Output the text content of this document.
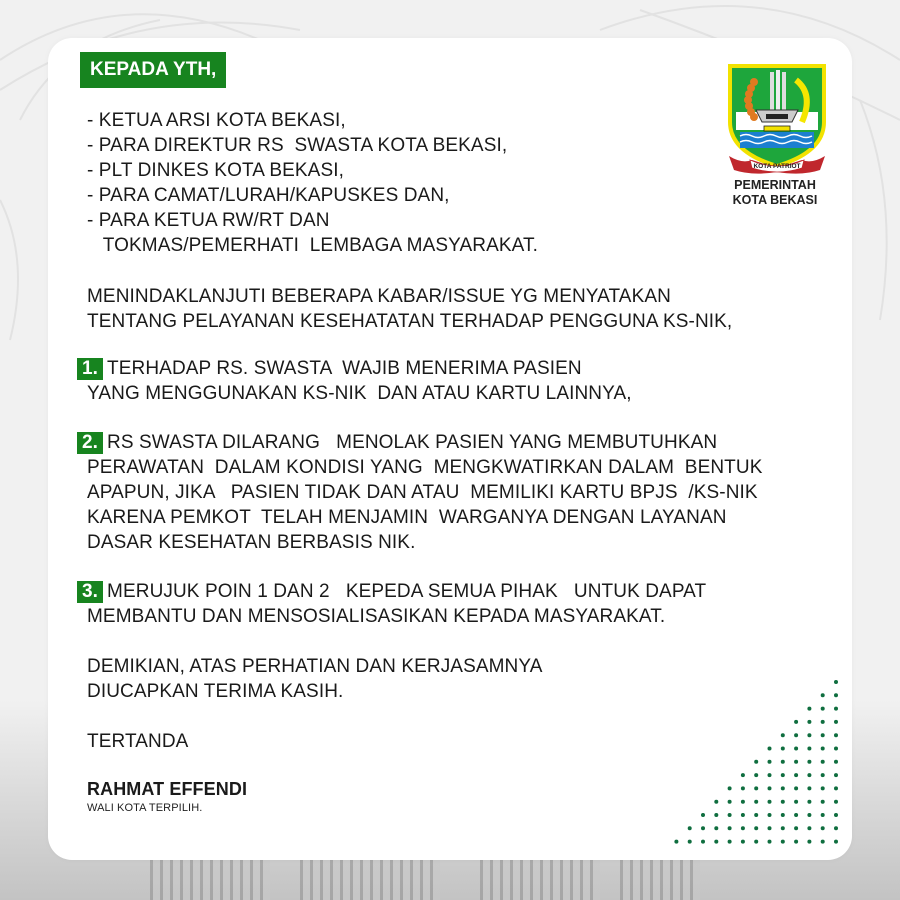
KEPADA YTH,
- KETUA ARSI KOTA BEKASI,
- PARA DIREKTUR RS  SWASTA KOTA BEKASI,
- PLT DINKES KOTA BEKASI,
- PARA CAMAT/LURAH/KAPUSKES DAN,
- PARA KETUA RW/RT DAN
TOKMAS/PEMERHATI  LEMBAGA MASYARAKAT.
MENINDAKLANJUTI BEBERAPA KABAR/ISSUE YG MENYATAKAN
TENTANG PELAYANAN KESEHATATAN TERHADAP PENGGUNA KS-NIK,
1. TERHADAP RS. SWASTA  WAJIB MENERIMA PASIEN
YANG MENGGUNAKAN KS-NIK  DAN ATAU KARTU LAINNYA,
2. RS SWASTA DILARANG   MENOLAK PASIEN YANG MEMBUTUHKAN
PERAWATAN  DALAM KONDISI YANG  MENGKWATIRKAN DALAM  BENTUK
APAPUN, JIKA   PASIEN TIDAK DAN ATAU  MEMILIKI KARTU BPJS  /KS-NIK
KARENA PEMKOT  TELAH MENJAMIN  WARGANYA DENGAN LAYANAN
DASAR KESEHATAN BERBASIS NIK.
3. MERUJUK POIN 1 DAN 2   KEPEDA SEMUA PIHAK   UNTUK DAPAT
MEMBANTU DAN MENSOSIALISASIKAN KEPADA MASYARAKAT.
DEMIKIAN, ATAS PERHATIAN DAN KERJASAMNYA
DIUCAPKAN TERIMA KASIH.
TERTANDA
RAHMAT EFFENDI
WALI KOTA TERPILIH.
KOTA PATRIOT
PEMERINTAH
KOTA BEKASI
